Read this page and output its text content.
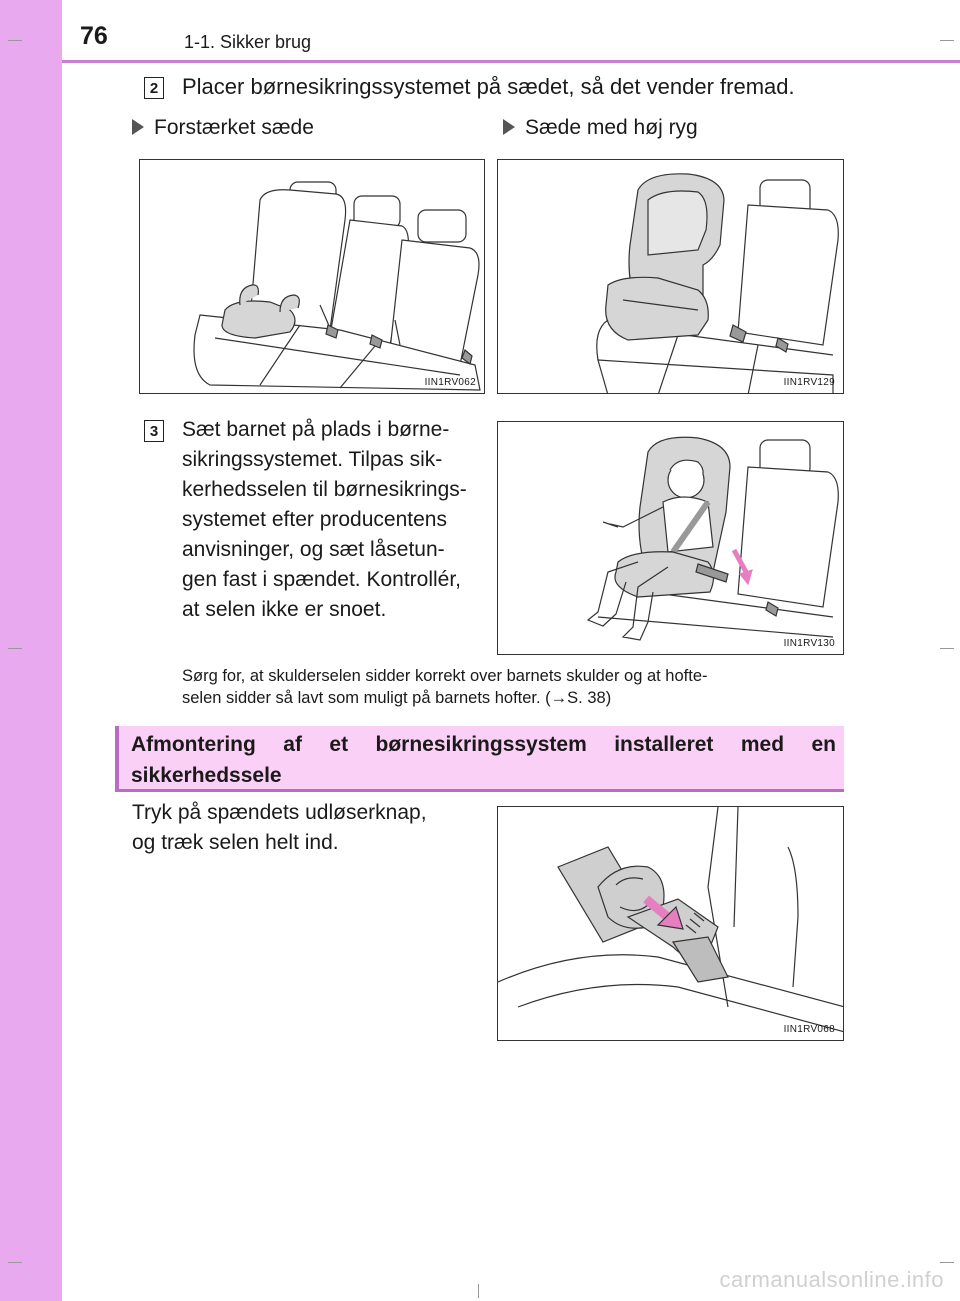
76	1-1. Sikker brug
2 Placer børnesikringssystemet på sædet, så det vender fremad.
Forstærket sæde	Sæde med høj ryg
IIN1RV062	IIN1RV129
3 Sæt barnet på plads i børne-
sikringssystemet. Tilpas sik-
kerhedsselen til børnesikrings-
systemet efter producentens
anvisninger, og sæt låsetun-
gen fast i spændet. Kontrollér,
at selen ikke er snoet.
IIN1RV130
Sørg for, at skulderselen sidder korrekt over barnets skulder og at hofte-
selen sidder så lavt som muligt på barnets hofter. (→S. 38)
Afmontering af et børnesikringssystem installeret med en sikkerhedssele
Tryk på spændets udløserknap,
og træk selen helt ind.
IIN1RV068
carmanualsonline.info
